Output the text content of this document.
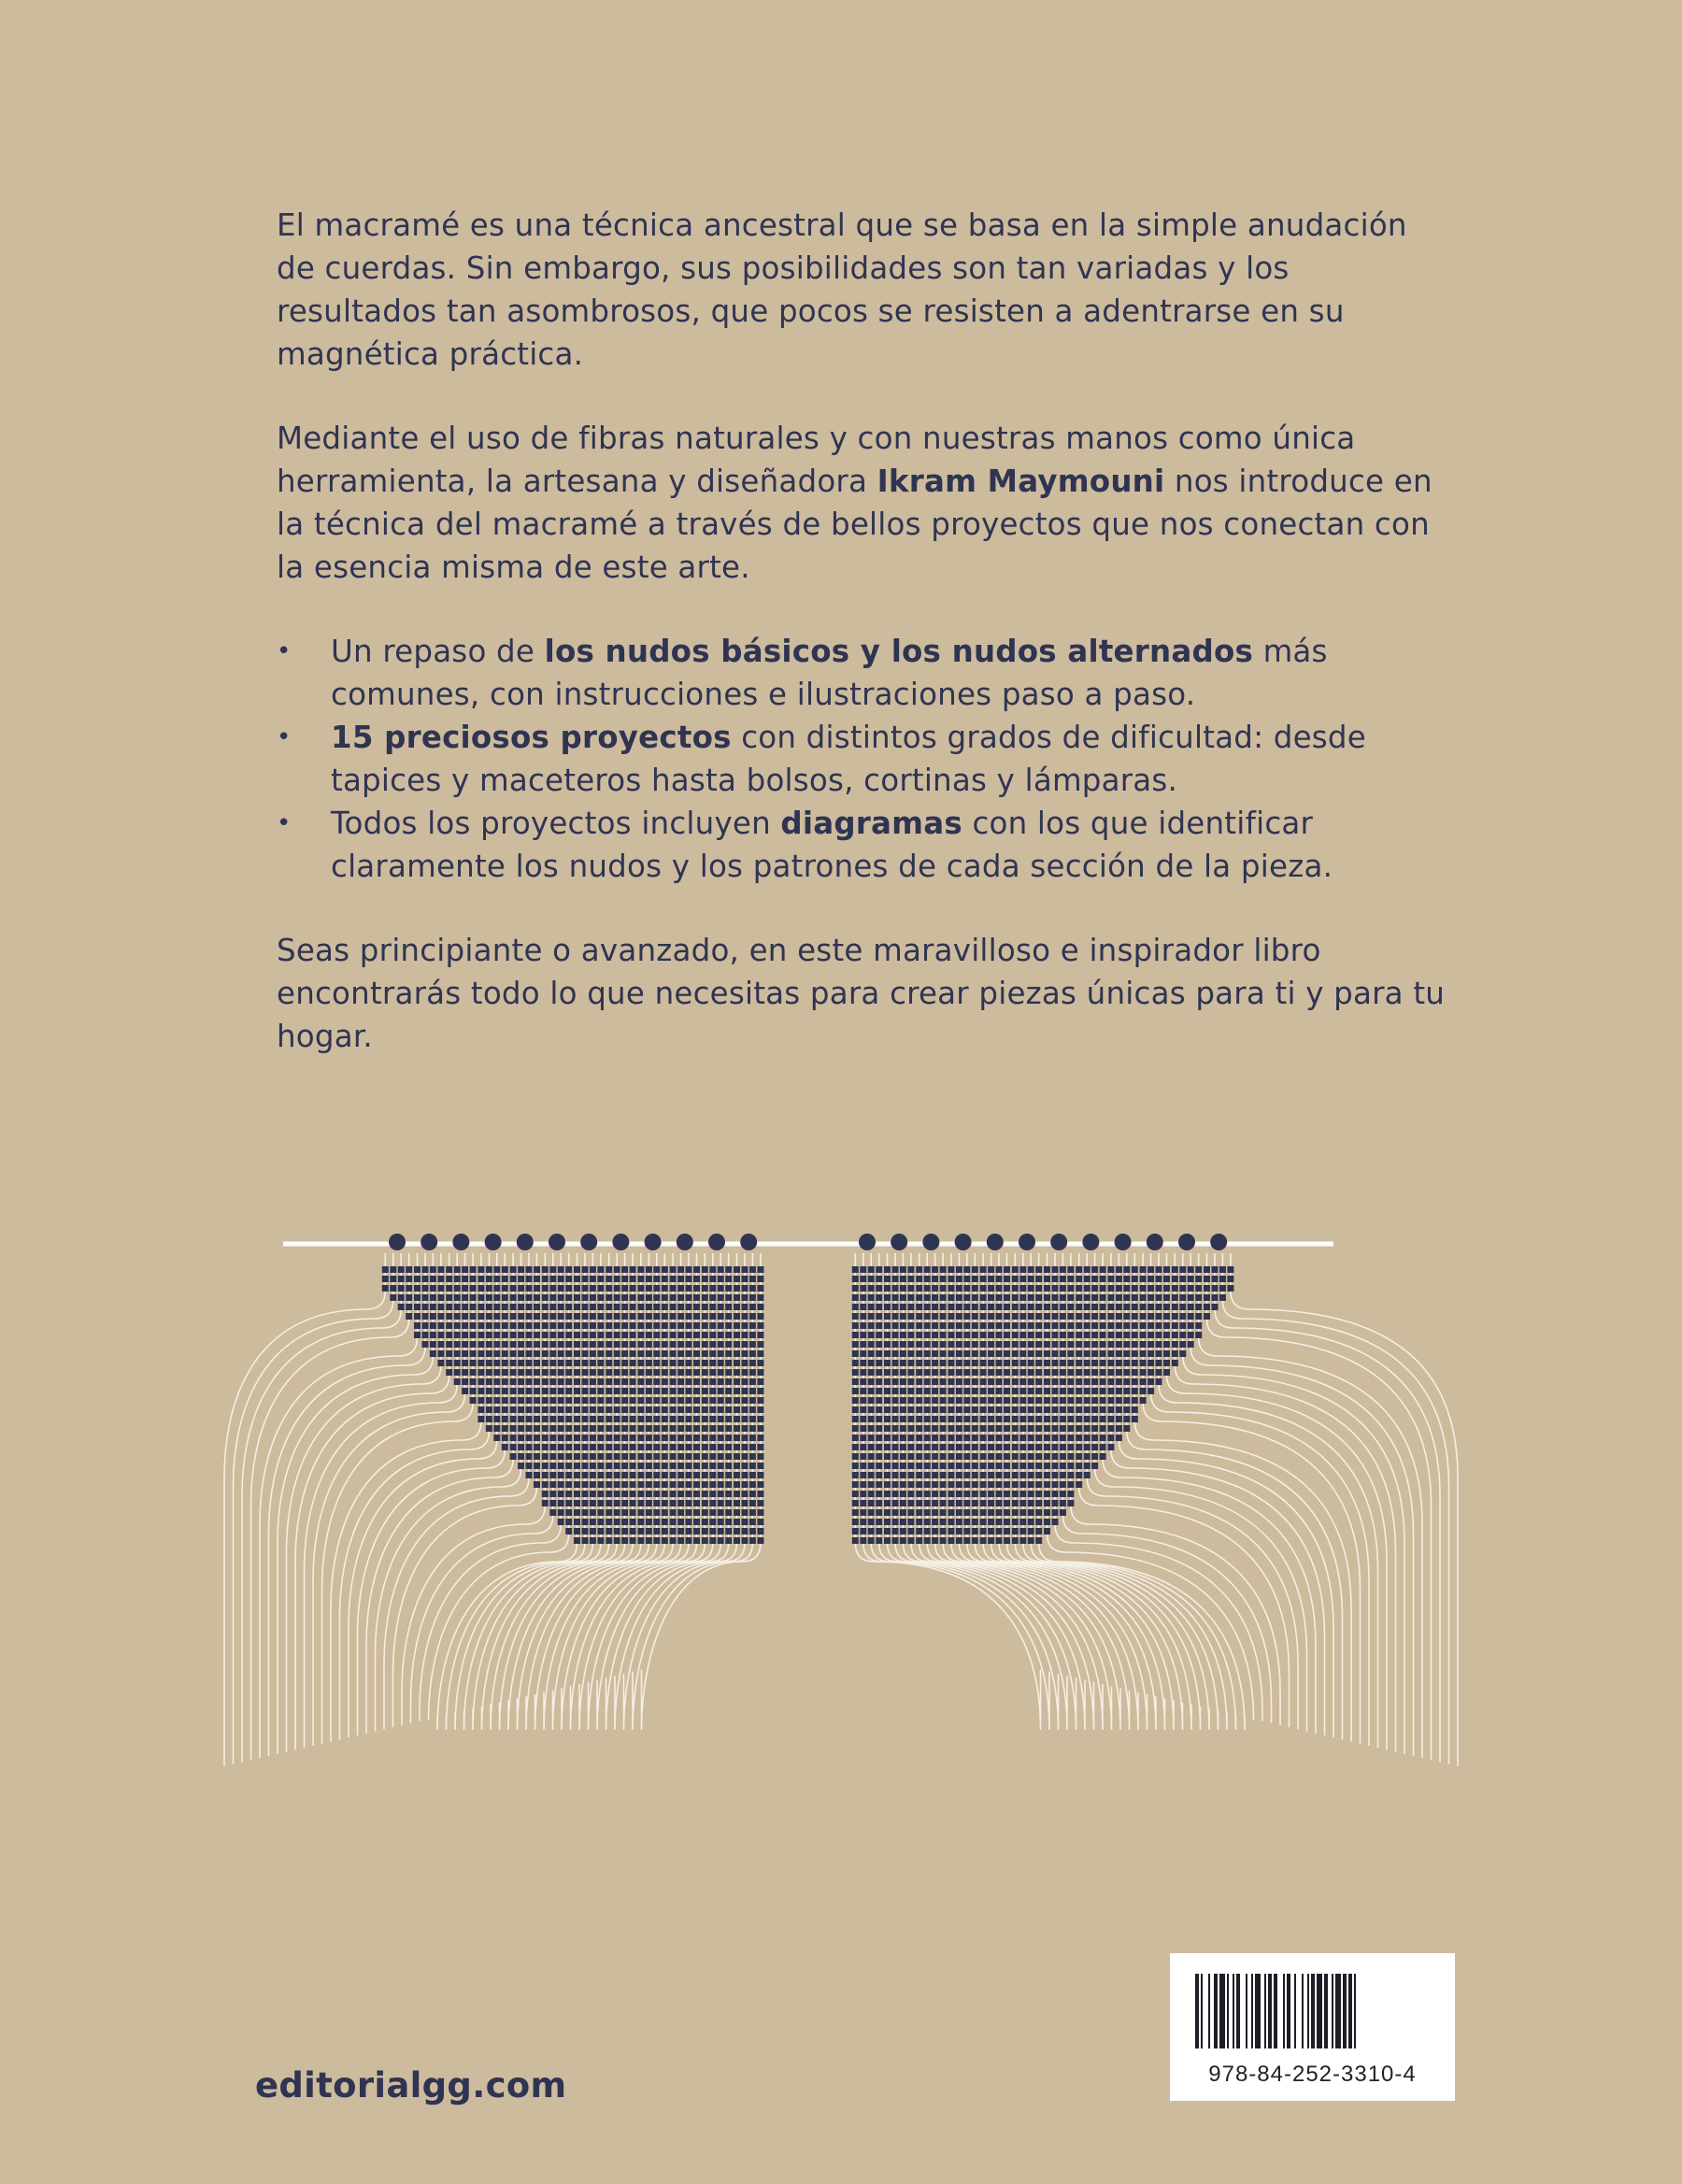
El macramé es una técnica ancestral que se basa en la simple anudación de cuerdas. Sin embargo, sus posibilidades son tan variadas y los resultados tan asombrosos, que pocos se resisten a adentrarse en su magnética práctica.

Mediante el uso de fibras naturales y con nuestras manos como única herramienta, la artesana y diseñadora Ikram Maymouni nos introduce en la técnica del macramé a través de bellos proyectos que nos conectan con la esencia misma de este arte.

• Un repaso de los nudos básicos y los nudos alternados más comunes, con instrucciones e ilustraciones paso a paso.
• 15 preciosos proyectos con distintos grados de dificultad: desde tapices y maceteros hasta bolsos, cortinas y lámparas.
• Todos los proyectos incluyen diagramas con los que identificar claramente los nudos y los patrones de cada sección de la pieza.

Seas principiante o avanzado, en este maravilloso e inspirador libro encontrarás todo lo que necesitas para crear piezas únicas para ti y para tu hogar.

978-84-252-3310-4
editorialgg.com
